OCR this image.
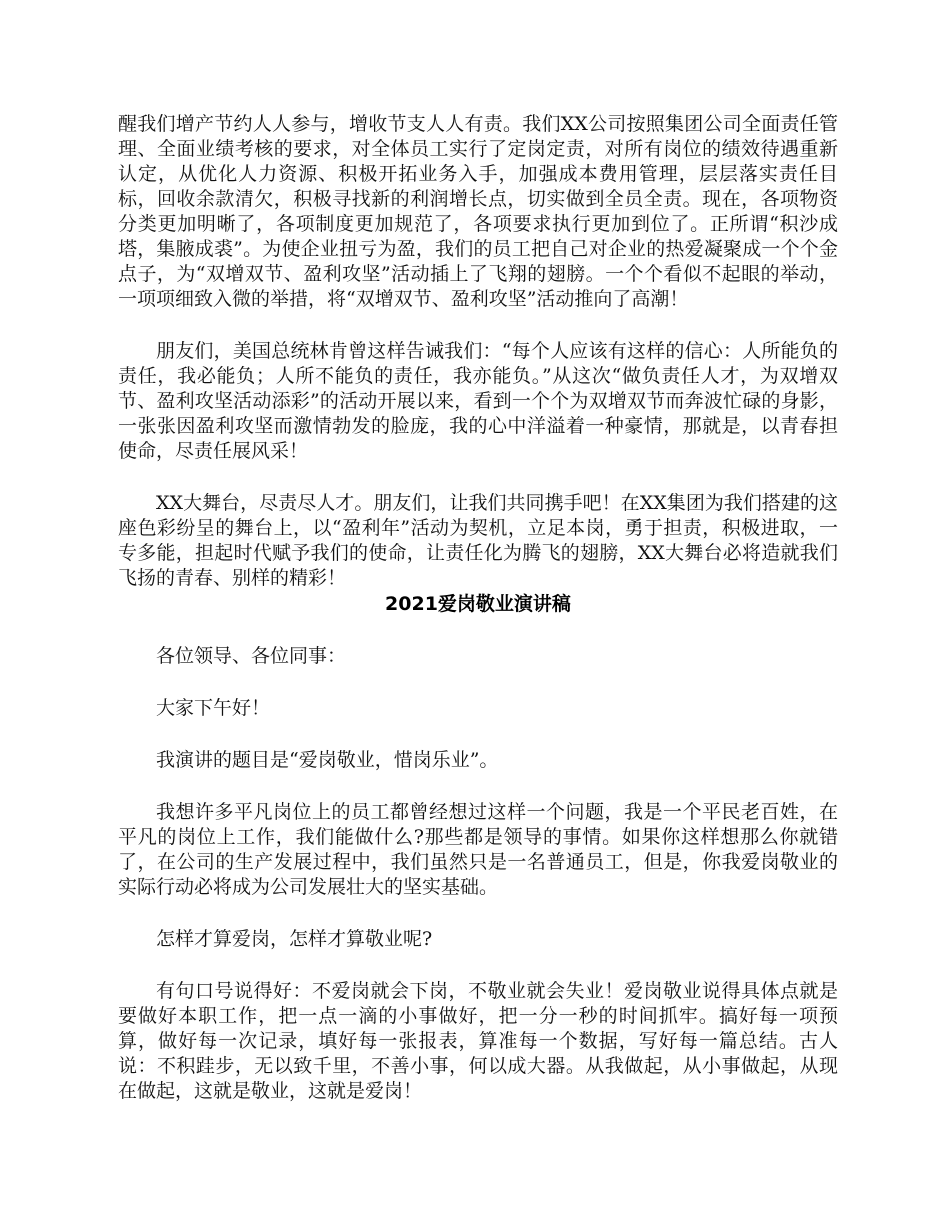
醒我们增产节约人人参与，增收节支人人有责。我们XX公司按照集团公司全面责任管理、全面业绩考核的要求，对全体员工实行了定岗定责，对所有岗位的绩效待遇重新认定，从优化人力资源、积极开拓业务入手，加强成本费用管理，层层落实责任目标，回收余款清欠，积极寻找新的利润增长点，切实做到全员全责。现在，各项物资分类更加明晰了，各项制度更加规范了，各项要求执行更加到位了。正所谓“积沙成塔，集腋成裘”。为使企业扭亏为盈，我们的员工把自己对企业的热爱凝聚成一个个金点子，为“双增双节、盈利攻坚”活动插上了飞翔的翅膀。一个个看似不起眼的举动，一项项细致入微的举措，将“双增双节、盈利攻坚”活动推向了高潮！

朋友们，美国总统林肯曾这样告诫我们：“每个人应该有这样的信心：人所能负的责任，我必能负；人所不能负的责任，我亦能负。”从这次“做负责任人才，为双增双节、盈利攻坚活动添彩”的活动开展以来，看到一个个为双增双节而奔波忙碌的身影，一张张因盈利攻坚而激情勃发的脸庞，我的心中洋溢着一种豪情，那就是，以青春担使命，尽责任展风采！

XX大舞台，尽责尽人才。朋友们，让我们共同携手吧！在XX集团为我们搭建的这座色彩纷呈的舞台上，以“盈利年”活动为契机，立足本岗，勇于担责，积极进取，一专多能，担起时代赋予我们的使命，让责任化为腾飞的翅膀，XX大舞台必将造就我们飞扬的青春、别样的精彩！

2021爱岗敬业演讲稿

各位领导、各位同事：

大家下午好！

我演讲的题目是“爱岗敬业，惜岗乐业”。

我想许多平凡岗位上的员工都曾经想过这样一个问题，我是一个平民老百姓，在平凡的岗位上工作，我们能做什么?那些都是领导的事情。如果你这样想那么你就错了，在公司的生产发展过程中，我们虽然只是一名普通员工，但是，你我爱岗敬业的实际行动必将成为公司发展壮大的坚实基础。

怎样才算爱岗，怎样才算敬业呢?

有句口号说得好：不爱岗就会下岗，不敬业就会失业！爱岗敬业说得具体点就是要做好本职工作，把一点一滴的小事做好，把一分一秒的时间抓牢。搞好每一项预算，做好每一次记录，填好每一张报表，算准每一个数据，写好每一篇总结。古人说：不积跬步，无以致千里，不善小事，何以成大器。从我做起，从小事做起，从现在做起，这就是敬业，这就是爱岗！
